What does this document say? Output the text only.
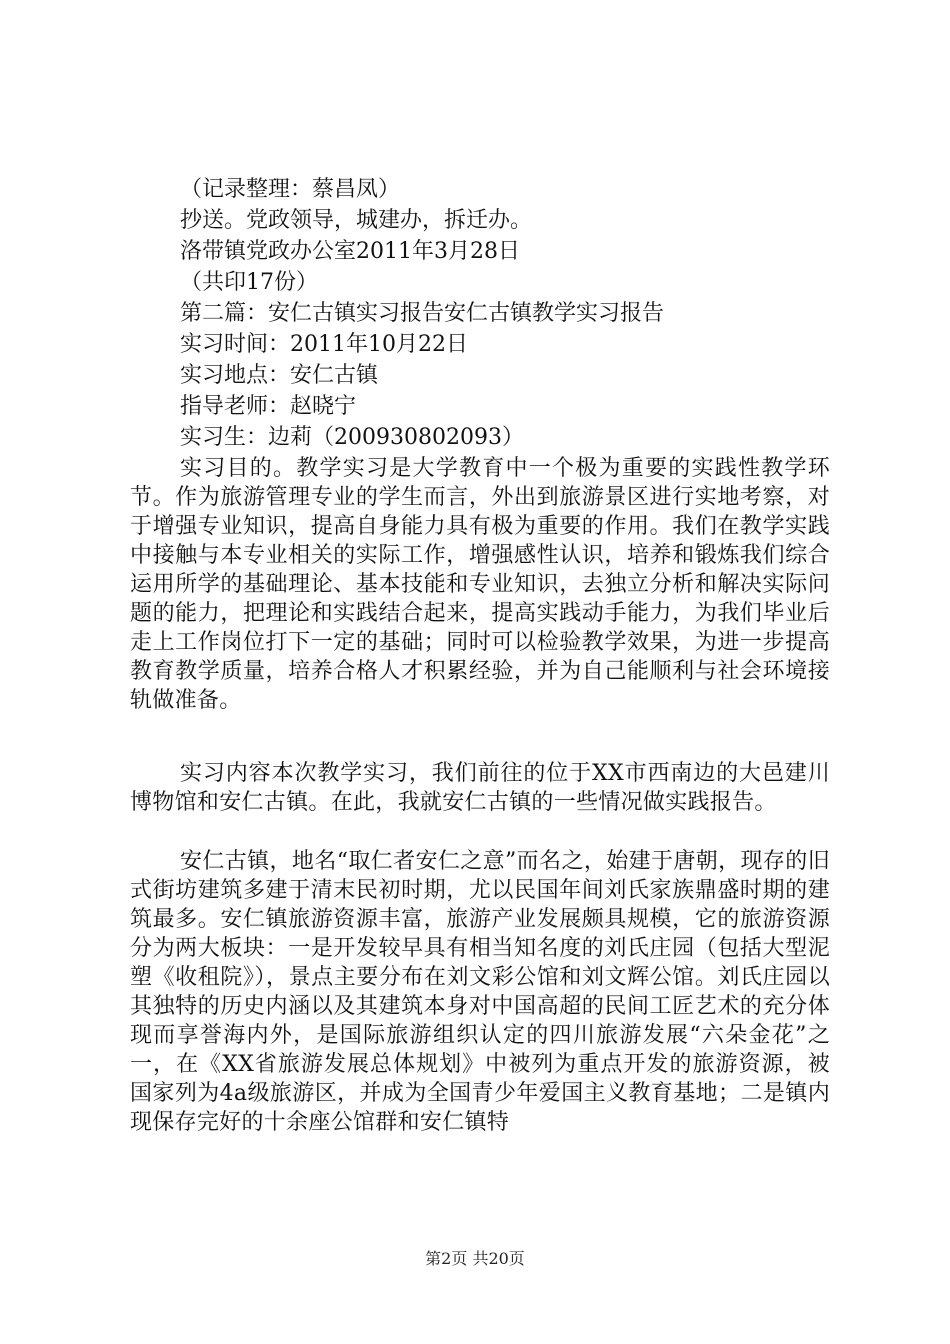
（记录整理：蔡昌凤）

抄送。党政领导，城建办，拆迁办。

洛带镇党政办公室2011年3月28日

（共印17份）

第二篇：安仁古镇实习报告安仁古镇教学实习报告

实习时间：2011年10月22日

实习地点：安仁古镇

指导老师：赵晓宁

实习生：边莉（200930802093）

实习目的。教学实习是大学教育中一个极为重要的实践性教学环节。作为旅游管理专业的学生而言，外出到旅游景区进行实地考察，对于增强专业知识，提高自身能力具有极为重要的作用。我们在教学实践中接触与本专业相关的实际工作，增强感性认识，培养和锻炼我们综合运用所学的基础理论、基本技能和专业知识，去独立分析和解决实际问题的能力，把理论和实践结合起来，提高实践动手能力，为我们毕业后走上工作岗位打下一定的基础；同时可以检验教学效果，为进一步提高教育教学质量，培养合格人才积累经验，并为自己能顺利与社会环境接轨做准备。

实习内容本次教学实习，我们前往的位于XX市西南边的大邑建川博物馆和安仁古镇。在此，我就安仁古镇的一些情况做实践报告。

安仁古镇，地名“取仁者安仁之意”而名之，始建于唐朝，现存的旧式街坊建筑多建于清末民初时期，尤以民国年间刘氏家族鼎盛时期的建筑最多。安仁镇旅游资源丰富，旅游产业发展颇具规模，它的旅游资源分为两大板块：一是开发较早具有相当知名度的刘氏庄园（包括大型泥塑《收租院》），景点主要分布在刘文彩公馆和刘文辉公馆。刘氏庄园以其独特的历史内涵以及其建筑本身对中国高超的民间工匠艺术的充分体现而享誉海内外，是国际旅游组织认定的四川旅游发展“六朵金花”之一，在《XX省旅游发展总体规划》中被列为重点开发的旅游资源，被国家列为4a级旅游区，并成为全国青少年爱国主义教育基地；二是镇内现保存完好的十余座公馆群和安仁镇特

第2页 共20页
